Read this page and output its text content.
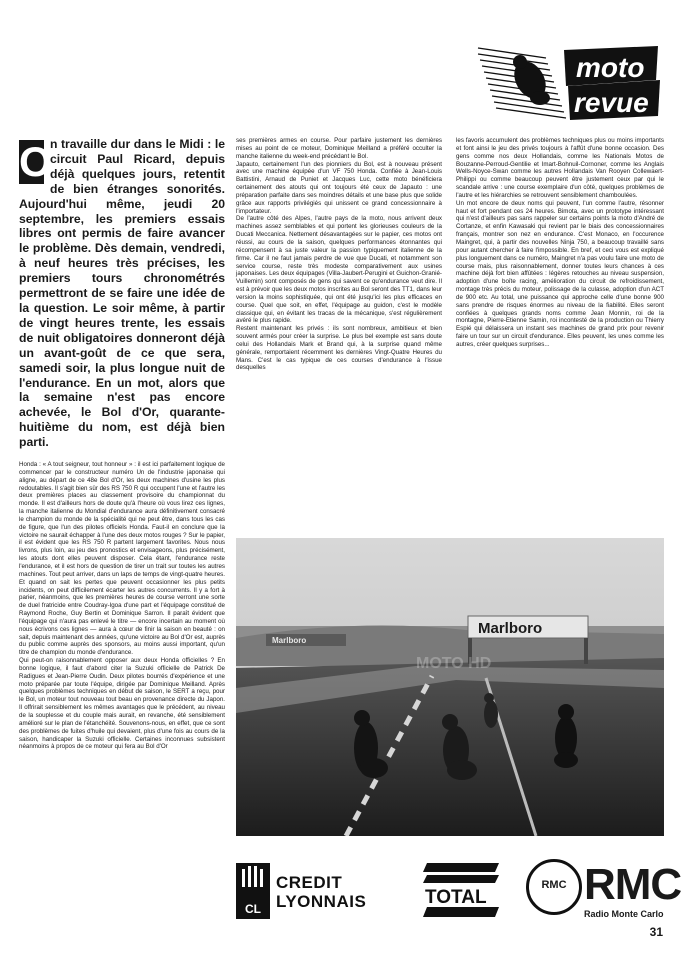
moto
revue
O
n travaille dur dans le Midi : le circuit Paul Ricard, depuis déjà quelques jours, retentit de bien étranges sonorités. Aujourd'hui même, jeudi 20 septembre, les premiers essais libres ont permis de faire avancer le problème. Dès demain, vendredi, à neuf heures très précises, les premiers tours chronométrés permettront de se faire une idée de la question. Le soir même, à partir de vingt heures trente, les essais de nuit obligatoires donneront déjà un avant-goût de ce que sera, samedi soir, la plus longue nuit de l'endurance. En un mot, alors que la semaine n'est pas encore achevée, le Bol d'Or, quarante-huitième du nom, est déjà bien parti.

Honda : « A tout seigneur, tout honneur » : il est ici parfaitement logique de commencer par le constructeur numéro Un de l'industrie japonaise qui aligne, au départ de ce 48e Bol d'Or, les deux machines d'usine les plus redoutables. Il s'agit bien sûr des RS 750 R qui occupent l'une et l'autre les deux premières places au classement provisoire du championnat du monde. Il est d'ailleurs hors de doute qu'à l'heure où vous lirez ces lignes, la manche italienne du Mondial d'endurance aura définitivement consacré le champion du monde de la spécialité qui ne peut être, dans tous les cas de figure, que l'un des pilotes officiels Honda. Faut-il en conclure que la victoire ne saurait échapper à l'une des deux motos rouges ? Sur le papier, il est évident que les RS 750 R partent largement favorites. Nous nous livrons, plus loin, au jeu des pronostics et envisageons, plus précisément, les atouts dont elles peuvent disposer. Cela étant, l'endurance reste l'endurance, et il est hors de question de tirer un trait sur toutes les autres machines. Tout peut arriver, dans un laps de temps de vingt-quatre heures. Et quand on sait les pertes que peuvent occasionner les plus petits incidents, on peut difficilement écarter les autres concurrents. Il y a fort à parier, néanmoins, que les premières heures de course verront une sorte de duel fratricide entre Coudray-Igoa d'une part et l'équipage constitué de Raymond Roche, Guy Bertin et Dominique Sarron. Il paraît évident que l'équipage qui n'aura pas enlevé le titre — encore incertain au moment où nous écrivons ces lignes — aura à cœur de finir la saison en beauté : on sait, depuis maintenant des années, qu'une victoire au Bol d'Or est, auprès du public comme auprès des sponsors, au moins aussi important, qu'un titre de champion du monde d'endurance.

Qui peut-on raisonnablement opposer aux deux Honda officielles ? En bonne logique, il faut d'abord citer la Suzuki officielle de Patrick De Radigues et Jean-Pierre Oudin. Deux pilotes bourrés d'expérience et une moto préparée par toute l'équipe, dirigée par Dominique Meilland. Après quelques problèmes techniques en début de saison, le SERT a reçu, pour le Bol, un moteur tout nouveau tout beau en provenance directe du Japon. Il offrirait sensiblement les mêmes avantages que le précédent, au niveau de la souplesse et du couple mais aurait, en revanche, été sensiblement amélioré sur le plan de l'étanchéité. Souvenons-nous, en effet, que ce sont des problèmes de fuites d'huile qui devaient, plus d'une fois au cours de la saison, handicaper la Suzuki officielle. Certaines inconnues subsistent néanmoins à propos de ce moteur qui fera au Bol d'Or

ses premières armes en course. Pour parfaire justement les dernières mises au point de ce moteur, Dominique Meilland a préféré occulter la manche italienne du week-end précédant le Bol.

Japauto, certainement l'un des pionniers du Bol, est à nouveau présent avec une machine équipée d'un VF 750 Honda. Confiée à Jean-Louis Battistini, Arnaud de Puniet et Jacques Luc, cette moto bénéficiera certainement des atouts qui ont toujours été ceux de Japauto : une préparation parfaite dans ses moindres détails et une base plus que solide grâce aux rapports privilégiés qui unissent ce grand concessionnaire à l'importateur.

De l'autre côté des Alpes, l'autre pays de la moto, nous arrivent deux machines assez semblables et qui portent les glorieuses couleurs de la Ducati Meccanica. Nettement désavantagées sur le papier, ces motos ont réussi, au cours de la saison, quelques performances étonnantes qui récompensent à sa juste valeur la passion typiquement italienne de la firme. Car il ne faut jamais perdre de vue que Ducati, et notamment son service course, reste très modeste comparativement aux usines japonaises. Les deux équipages (Villa-Jaubert-Perugini et Guichon-Granié-Vuillemin) sont composés de gens qui savent ce qu'endurance veut dire. Il est à prévoir que les deux motos inscrites au Bol seront des TT1, dans leur version la moins sophistiquée, qui ont été jusqu'ici les plus efficaces en course. Quel que soit, en effet, l'équipage au guidon, c'est le modèle classique qui, en évitant les tracas de la mécanique, s'est régulièrement avéré le plus rapide.

Restent maintenant les privés : ils sont nombreux, ambitieux et bien souvent armés pour créer la surprise. Le plus bel exemple est sans doute celui des Hollandais Mark et Brand qui, à la surprise quand même générale, remportaient récemment les dernières Vingt-Quatre Heures du Mans. C'est le cas typique de ces courses d'endurance à l'issue desquelles

les favoris accumulent des problèmes techniques plus ou moins importants et font ainsi le jeu des privés toujours à l'affût d'une bonne occasion. Des gens comme nos deux Hollandais, comme les Nationals Motos de Bouzanne-Perroud-Gentilie et Imart-Bohnuil-Cornoner, comme les Anglais Wells-Noyce-Swan comme les autres Hollandais Van Rooyen Collewaert-Philippi ou comme beaucoup peuvent être justement ceux par qui le scandale arrive : une course exemplaire d'un côté, quelques problèmes de l'autre et les hiérarchies se retrouvent sensiblement chamboulées.

Un mot encore de deux noms qui peuvent, l'un comme l'autre, résonner haut et fort pendant ces 24 heures. Bimota, avec un prototype intéressant qui n'est d'ailleurs pas sans rappeler sur certains points la moto d'André de Cortanze, et enfin Kawasaki qui revient par le biais des concessionnaires français, montrer son nez en endurance. C'est Monaco, en l'occurence Maingret, qui, à partir des nouvelles Ninja 750, a beaucoup travaillé sans pour autant chercher à faire l'impossible. En bref, et ceci vous est expliqué plus longuement dans ce numéro, Maingret n'a pas voulu faire une moto de course mais, plus raisonnablement, donner toutes leurs chances à ces machine déjà fort bien affûtées : légères retouches au niveau suspension, adoption d'une boîte racing, amélioration du circuit de refroidissement, montage très précis du moteur, polissage de la culasse, adoption d'un ACT de 900 etc. Au total, une puissance qui approche celle d'une bonne 900 sans prendre de risques énormes au niveau de la fiabilité. Elles seront confiées à quelques grands noms comme Jean Monnin, roi de la montagne, Pierre-Etienne Samin, roi incontesté de la production ou Thierry Espié qui délaissera un instant ses machines de grand prix pour revenir faire un tour sur un circuit d'endurance. Elles peuvent, les unes comme les autres, créer quelques surprises...

Marlboro
Marlboro
MOTO HD
CL
CREDIT
LYONNAIS	TOTAL
RMC RMC
Radio Monte Carlo
31
